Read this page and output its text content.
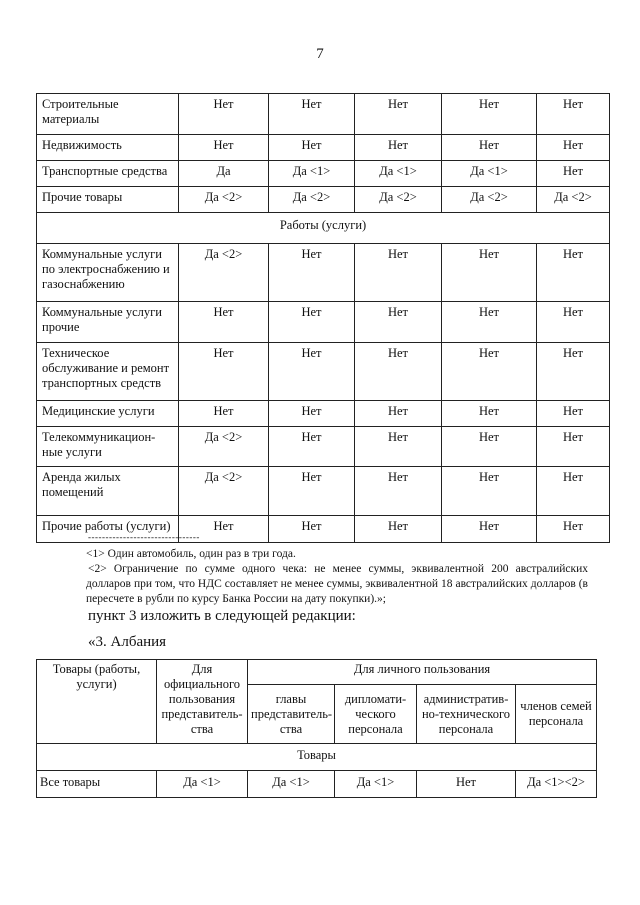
7
Строительные материалы	Нет	Нет	Нет	Нет	Нет
Недвижимость	Нет	Нет	Нет	Нет	Нет
Транспортные средства	Да	Да <1>	Да <1>	Да <1>	Нет
Прочие товары	Да <2>	Да <2>	Да <2>	Да <2>	Да <2>
Работы (услуги)					
Коммунальные услуги по электроснабжению и газоснабжению	Да <2>	Нет	Нет	Нет	Нет
Коммунальные услуги прочие	Нет	Нет	Нет	Нет	Нет
Техническое обслуживание и ремонт транспортных средств	Нет	Нет	Нет	Нет	Нет
Медицинские услуги	Нет	Нет	Нет	Нет	Нет
Телекоммуникацион-ные услуги	Да <2>	Нет	Нет	Нет	Нет
Аренда жилых помещений	Да <2>	Нет	Нет	Нет	Нет
Прочие работы (услуги)	Нет	Нет	Нет	Нет	Нет
--------------------------------

<1> Один автомобиль, один раз в три года.

<2> Ограничение по сумме одного чека: не менее суммы, эквивалентной 200 австралийских долларов при том, что НДС составляет не менее суммы, эквивалентной 18 австралийских долларов (в пересчете в рубли по курсу Банка России на дату покупки).»;

пункт 3 изложить в следующей редакции:
«3. Албания
Товары (работы, услуги)	Для официального пользования представитель-ства	Для личного пользования			
		главы представитель-ства	дипломати-ческого персонала	административ-но-технического персонала	членов семей персонала
Товары					
Все товары	Да <1>	Да <1>	Да <1>	Нет	Да <1><2>
